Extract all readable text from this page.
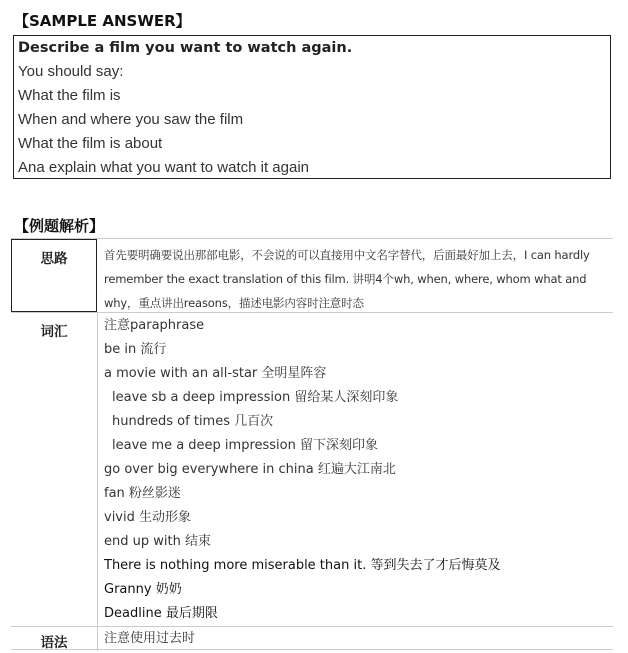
【SAMPLE ANSWER】
Describe a film you want to watch again.
You should say:
What the film is
When and where you saw the film
What the film is about
Ana explain what you want to watch it again
【例题解析】
思路	首先要明确要说出那部电影，不会说的可以直接用中文名字替代，后面最好加上去，I can hardly remember the exact translation of this film. 讲明4个wh, when, where, whom what and why，重点讲出reasons，描述电影内容时注意时态
词汇	注意paraphrase
be in 流行
a movie with an all-star 全明星阵容
leave sb a deep impression 留给某人深刻印象
hundreds of times 几百次
leave me a deep impression 留下深刻印象
go over big everywhere in china 红遍大江南北
fan 粉丝影迷
vivid 生动形象
end up with 结束
There is nothing more miserable than it. 等到失去了才后悔莫及
Granny 奶奶
Deadline 最后期限
语法	注意使用过去时
